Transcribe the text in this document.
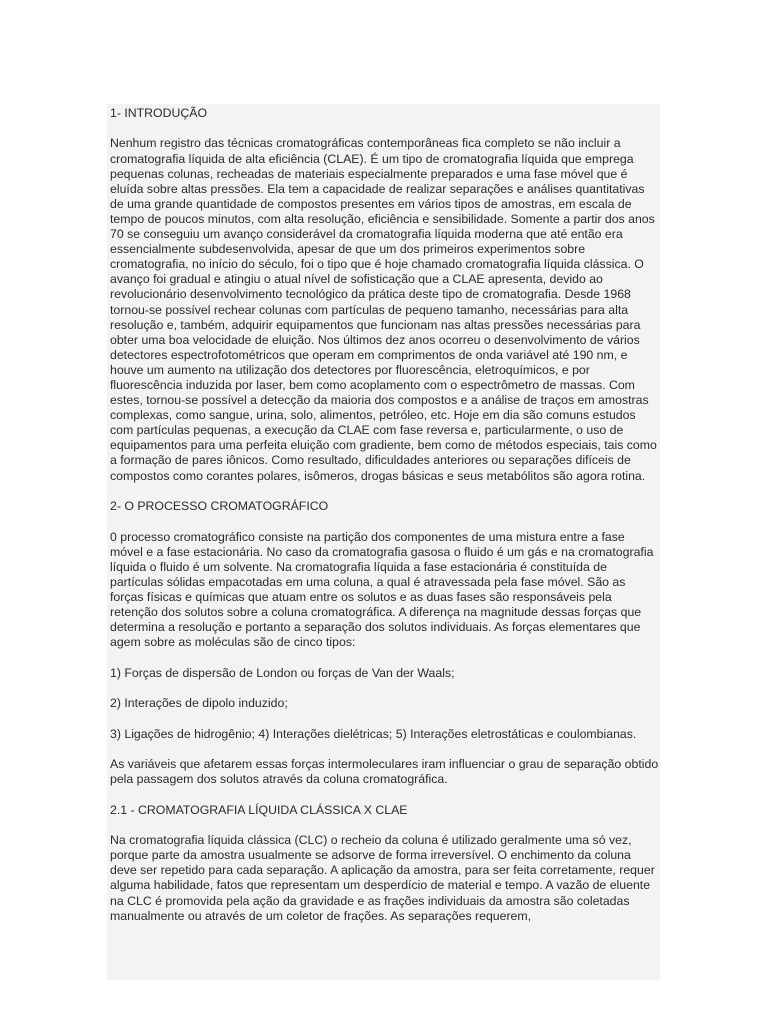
1- INTRODUÇÃO

Nenhum registro das técnicas cromatográficas contemporâneas fica completo se não incluir a cromatografia líquida de alta eficiência (CLAE). É um tipo de cromatografia líquida que emprega pequenas colunas, recheadas de materiais especialmente preparados e uma fase móvel que é eluída sobre altas pressões. Ela tem a capacidade de realizar separações e análises quantitativas de uma grande quantidade de compostos presentes em vários tipos de amostras, em escala de tempo de poucos minutos, com alta resolução, eficiência e sensibilidade. Somente a partir dos anos 70 se conseguiu um avanço considerável da cromatografia líquida moderna que até então era essencialmente subdesenvolvida, apesar de que um dos primeiros experimentos sobre cromatografia, no início do século, foi o tipo que é hoje chamado cromatografia líquida clássica. O avanço foi gradual e atingiu o atual nível de sofisticação que a CLAE apresenta, devido ao revolucionário desenvolvimento tecnológico da prática deste tipo de cromatografia. Desde 1968 tornou-se possível rechear colunas com partículas de pequeno tamanho, necessárias para alta resolução e, também, adquirir equipamentos que funcionam nas altas pressões necessárias para obter uma boa velocidade de eluição. Nos últimos dez anos ocorreu o desenvolvimento de vários detectores espectrofotométricos que operam em comprimentos de onda variável até 190 nm, e houve um aumento na utilização dos detectores por fluorescência, eletroquímicos, e por fluorescência induzida por laser, bem como acoplamento com o espectrômetro de massas. Com estes, tornou-se possível a detecção da maioria dos compostos e a análise de traços em amostras complexas, como sangue, urina, solo, alimentos, petróleo, etc. Hoje em dia são comuns estudos com partículas pequenas, a execução da CLAE com fase reversa e, particularmente, o uso de equipamentos para uma perfeita eluição com gradiente, bem como de métodos especiais, tais como a formação de pares iônicos. Como resultado, dificuldades anteriores ou separações difíceis de compostos como corantes polares, isômeros, drogas básicas e seus metabólitos são agora rotina.

2- O PROCESSO CROMATOGRÁFICO

0 processo cromatográfico consiste na partição dos componentes de uma mistura entre a fase móvel e a fase estacionária. No caso da cromatografia gasosa o fluido é um gás e na cromatografia líquida o fluido é um solvente. Na cromatografia líquida a fase estacionária é constituída de partículas sólidas empacotadas em uma coluna, a qual é atravessada pela fase móvel. São as forças físicas e químicas que atuam entre os solutos e as duas fases são responsáveis pela retenção dos solutos sobre a coluna cromatográfica. A diferença na magnitude dessas forças que determina a resolução e portanto a separação dos solutos individuais. As forças elementares que agem sobre as moléculas são de cinco tipos:

1) Forças de dispersão de London ou forças de Van der Waals;

2) Interações de dipolo induzido;

3) Ligações de hidrogênio; 4) Interações dielétricas; 5) Interações eletrostáticas e coulombianas.

As variáveis que afetarem essas forças intermoleculares iram influenciar o grau de separação obtido pela passagem dos solutos através da coluna cromatográfica.

2.1 - CROMATOGRAFIA LÍQUIDA CLÁSSICA X CLAE

Na cromatografia líquida clássica (CLC) o recheio da coluna é utilizado geralmente uma só vez, porque parte da amostra usualmente se adsorve de forma irreversível. O enchimento da coluna deve ser repetido para cada separação. A aplicação da amostra, para ser feita corretamente, requer alguma habilidade, fatos que representam um desperdício de material e tempo. A vazão de eluente na CLC é promovida pela ação da gravidade e as frações individuais da amostra são coletadas manualmente ou através de um coletor de frações. As separações requerem,
